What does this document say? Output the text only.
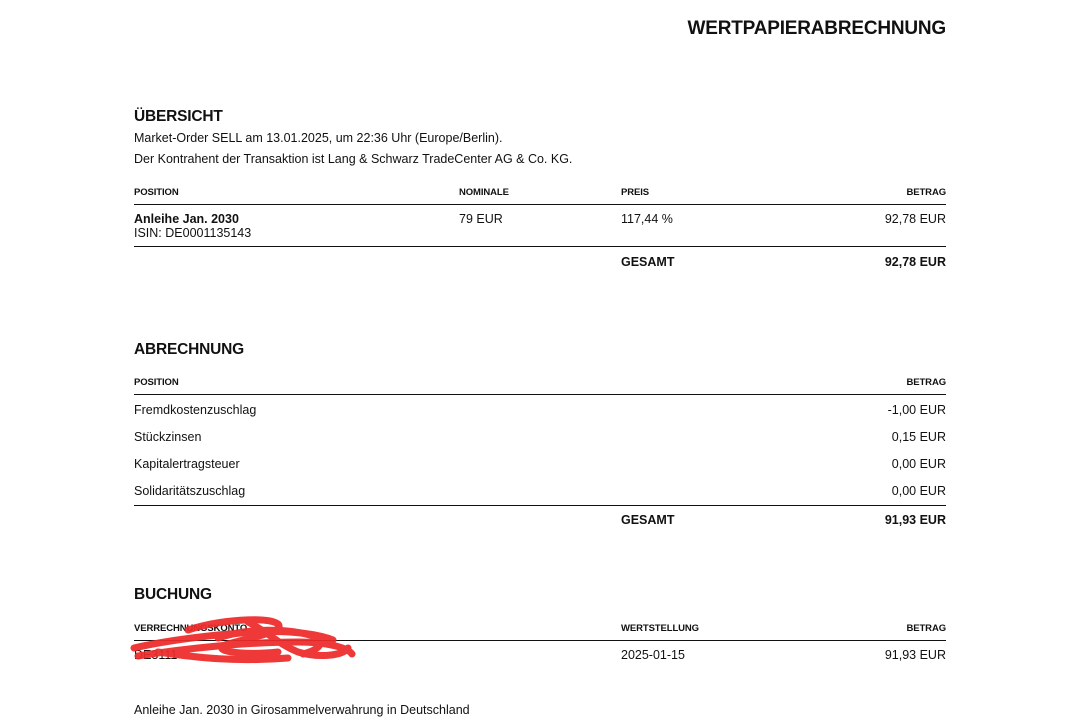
WERTPAPIERABRECHNUNG
ÜBERSICHT
Market-Order SELL am 13.01.2025, um 22:36 Uhr (Europe/Berlin).
Der Kontrahent der Transaktion ist Lang & Schwarz TradeCenter AG & Co. KG.
POSITION	NOMINALE	PREIS	BETRAG
Anleihe Jan. 2030
ISIN: DE0001135143
79 EUR	117,44 %	92,78 EUR
GESAMT	92,78 EUR
ABRECHNUNG
POSITION	BETRAG
Fremdkostenzuschlag	-1,00 EUR
Stückzinsen	0,15 EUR
Kapitalertragsteuer	0,00 EUR
Solidaritätszuschlag	0,00 EUR
GESAMT	91,93 EUR
BUCHUNG
VERRECHNUNGSKONTO	WERTSTELLUNG	BETRAG
DE3111	2025-01-15	91,93 EUR
Anleihe Jan. 2030 in Girosammelverwahrung in Deutschland
